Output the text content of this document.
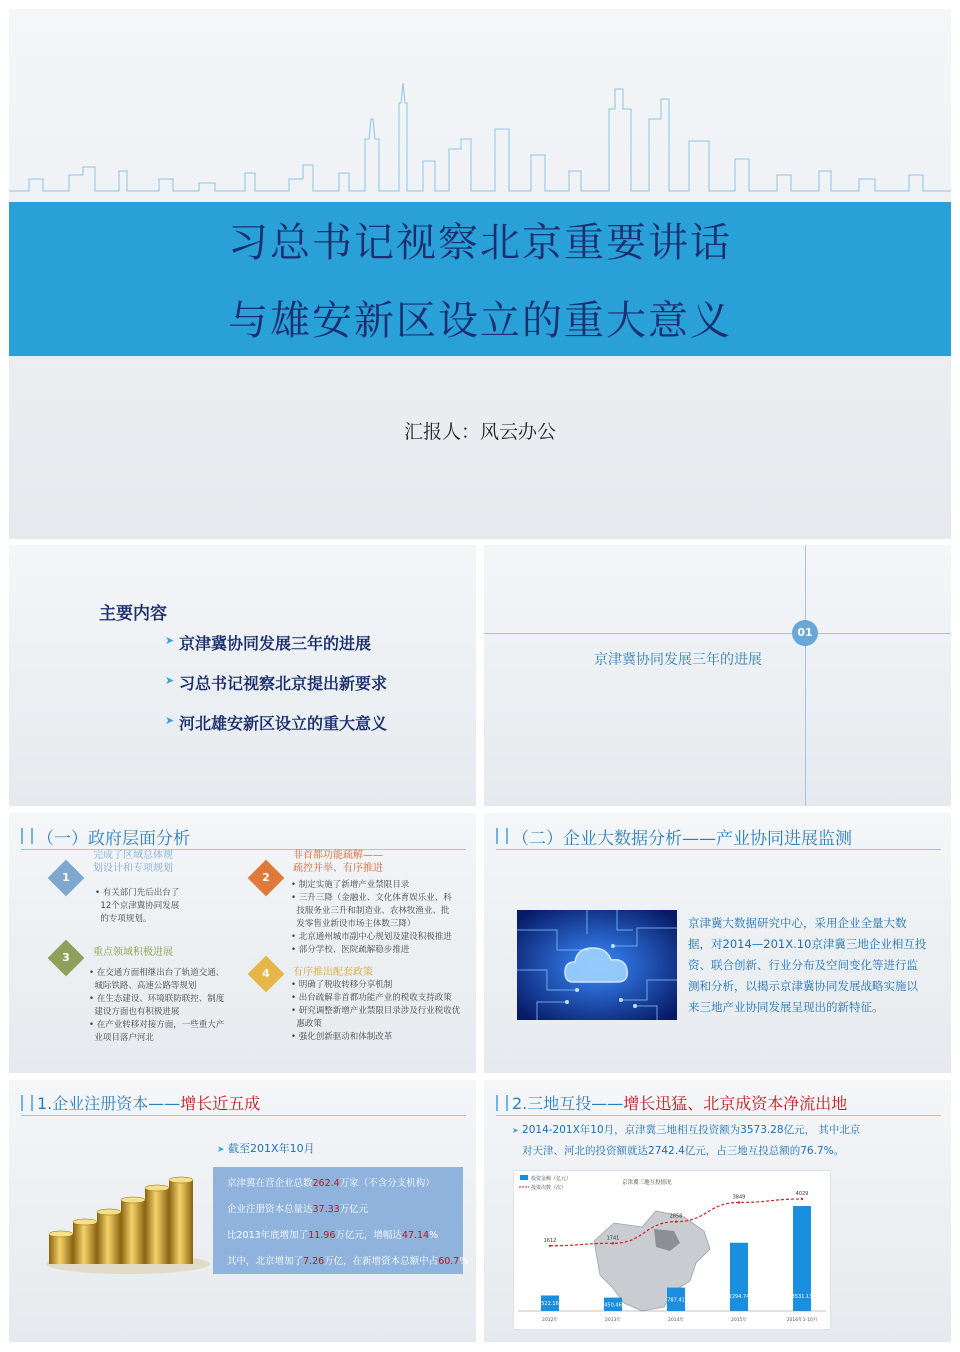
习总书记视察北京重要讲话
与雄安新区设立的重大意义
汇报人：风云办公
主要内容
➤ 京津冀协同发展三年的进展
➤ 习总书记视察北京提出新要求
➤ 河北雄安新区设立的重大意义
01
京津冀协同发展三年的进展
（一）政府层面分析
1
完成了区域总体规
划设计和专项规划
• 有关部门先后出台了
12个京津冀协同发展
的专项规划。
2
非首都功能疏解——
疏控并举、有序推进
• 制定实施了新增产业禁限目录
• 三升三降（金融业、文化体育娱乐业、科
技服务业三升和制造业、农林牧渔业、批
发零售业新设市场主体数三降）
• 北京通州城市副中心规划及建设积极推进
• 部分学校、医院疏解稳步推进
3	重点领域积极进展
• 在交通方面相继出台了轨道交通、
城际铁路、高速公路等规划
• 在生态建设、环境联防联控、制度
建设方面也有积极进展
• 在产业转移对接方面，一些重大产
业项目落户河北
4	有序推出配套政策
• 明确了税收转移分享机制
• 出台疏解非首都功能产业的税收支持政策
• 研究调整新增产业禁限目录涉及行业税收优
惠政策
• 强化创新驱动和体制改革
（二）企业大数据分析——产业协同进展监测
京津冀大数据研究中心，采用企业全量大数
据，对2014—201X.10京津冀三地企业相互投
资、联合创新、行业分布及空间变化等进行监
测和分析，以揭示京津冀协同发展战略实施以
来三地产业协同发展呈现出的新特征。
1.企业注册资本——增长近五成
➤ 截至201X年10月
京津冀在营企业总数262.4万家（不含分支机构）
企业注册资本总量达37.33万亿元
比2013年底增加了11.96万亿元，增幅达47.14%
其中，北京增加了7.26万亿，在新增资本总额中占60.7%
2.三地互投——增长迅猛、北京成资本净流出地
➤ 2014-201X年10月，京津冀三地相互投资额为3573.28亿元， 其中北京
对天津、河北的投资额就达2742.4亿元，占三地互投总额的76.7%。
投资金额（亿元）
投资次数（次）
京津冀三地互投情况
522.16
1612
2012年
450.46
1741
2013年
787.41
2858
2014年
2294.74
3849
2015年
3531.13
4029
2016年1-10月
